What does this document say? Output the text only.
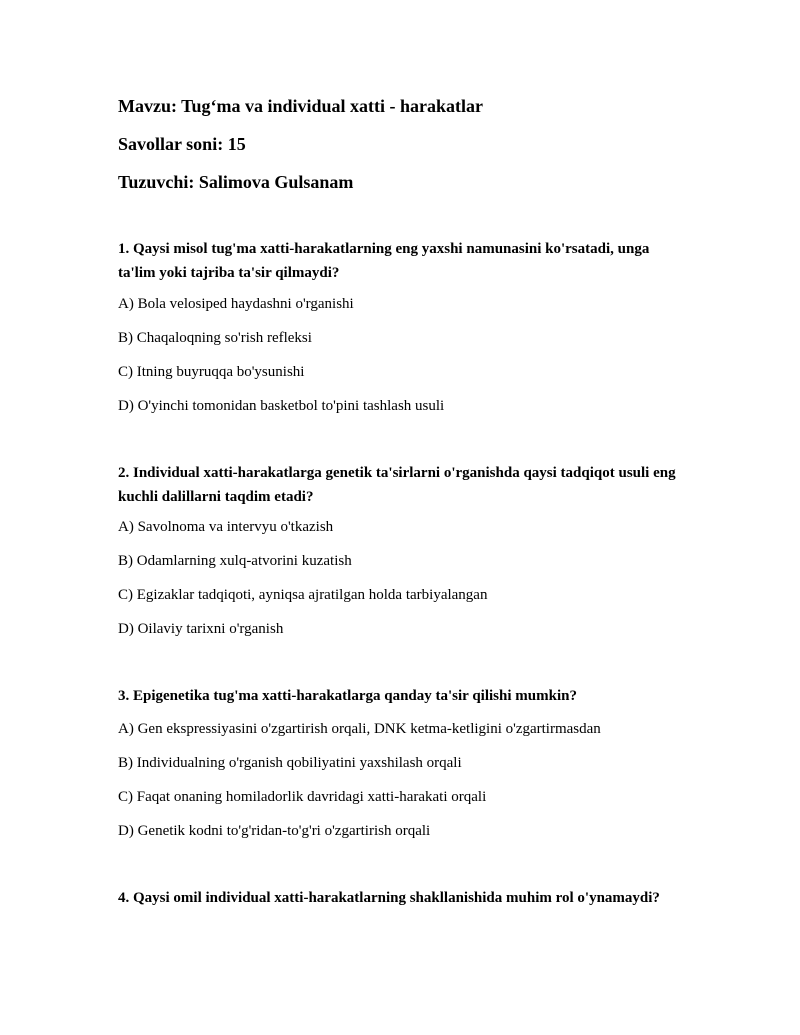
Mavzu: Tug‘ma va individual xatti - harakatlar
Savollar soni: 15
Tuzuvchi: Salimova Gulsanam
1. Qaysi misol tug'ma xatti-harakatlarning eng yaxshi namunasini ko'rsatadi, unga ta'lim yoki tajriba ta'sir qilmaydi?
A) Bola velosiped haydashni o'rganishi
B) Chaqaloqning so'rish refleksi
C) Itning buyruqqa bo'ysunishi
D) O'yinchi tomonidan basketbol to'pini tashlash usuli
2. Individual xatti-harakatlarga genetik ta'sirlarni o'rganishda qaysi tadqiqot usuli eng kuchli dalillarni taqdim etadi?
A) Savolnoma va intervyu o'tkazish
B) Odamlarning xulq-atvorini kuzatish
C) Egizaklar tadqiqoti, ayniqsa ajratilgan holda tarbiyalangan
D) Oilaviy tarixni o'rganish
3. Epigenetika tug'ma xatti-harakatlarga qanday ta'sir qilishi mumkin?
A) Gen ekspressiyasini o'zgartirish orqali, DNK ketma-ketligini o'zgartirmasdan
B) Individualning o'rganish qobiliyatini yaxshilash orqali
C) Faqat onaning homiladorlik davridagi xatti-harakati orqali
D) Genetik kodni to'g'ridan-to'g'ri o'zgartirish orqali
4. Qaysi omil individual xatti-harakatlarning shakllanishida muhim rol o'ynamaydi?
